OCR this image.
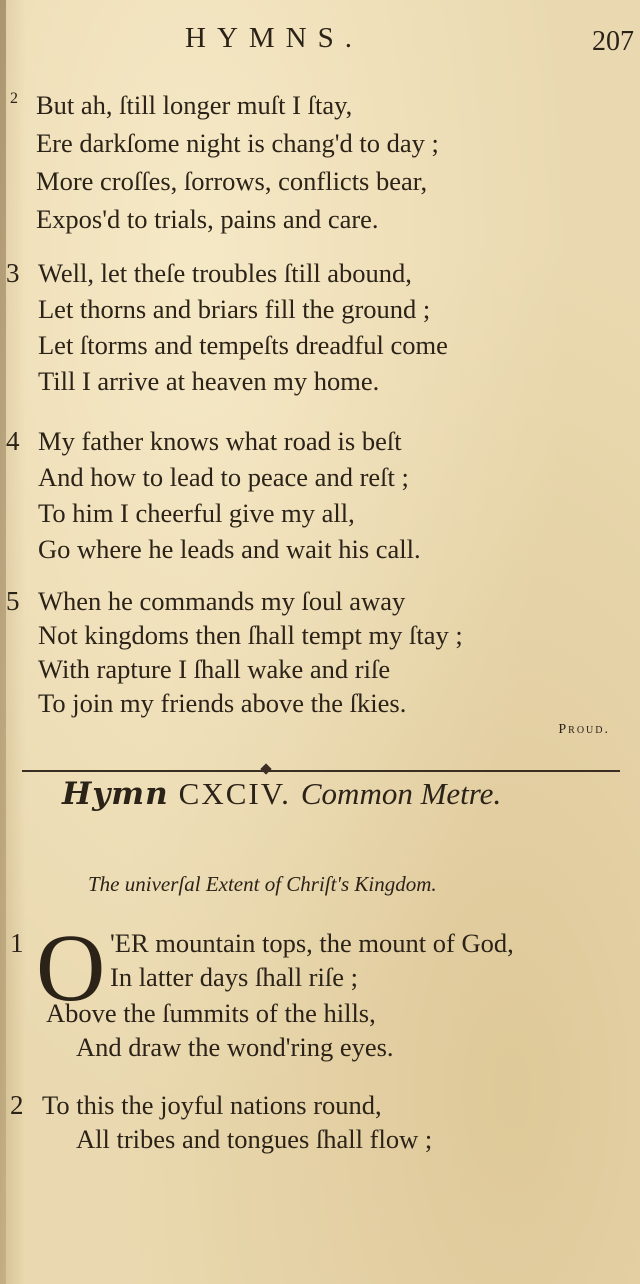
HYMNS.	207
2 But ah, ſtill longer muſt I ſtay,
Ere darkſome night is chang'd to day ;
More croſſes, ſorrows, conflicts bear,
Expos'd to trials, pains and care.
3 Well, let theſe troubles ſtill abound,
Let thorns and briars fill the ground ;
Let ſtorms and tempeſts dreadful come
Till I arrive at heaven my home.
4 My father knows what road is beſt
And how to lead to peace and reſt ;
To him I cheerful give my all,
Go where he leads and wait his call.
5 When he commands my ſoul away
Not kingdoms then ſhall tempt my ſtay ;
With rapture I ſhall wake and riſe
To join my friends above the ſkies.
Proud.
Hymn CXCIV. Common Metre.
The univerſal Extent of Chriſt's Kingdom.
1 O 'ER mountain tops, the mount of God,
In latter days ſhall riſe ;
Above the ſummits of the hills,
And draw the wond'ring eyes.
2 To this the joyful nations round,
All tribes and tongues ſhall flow ;
